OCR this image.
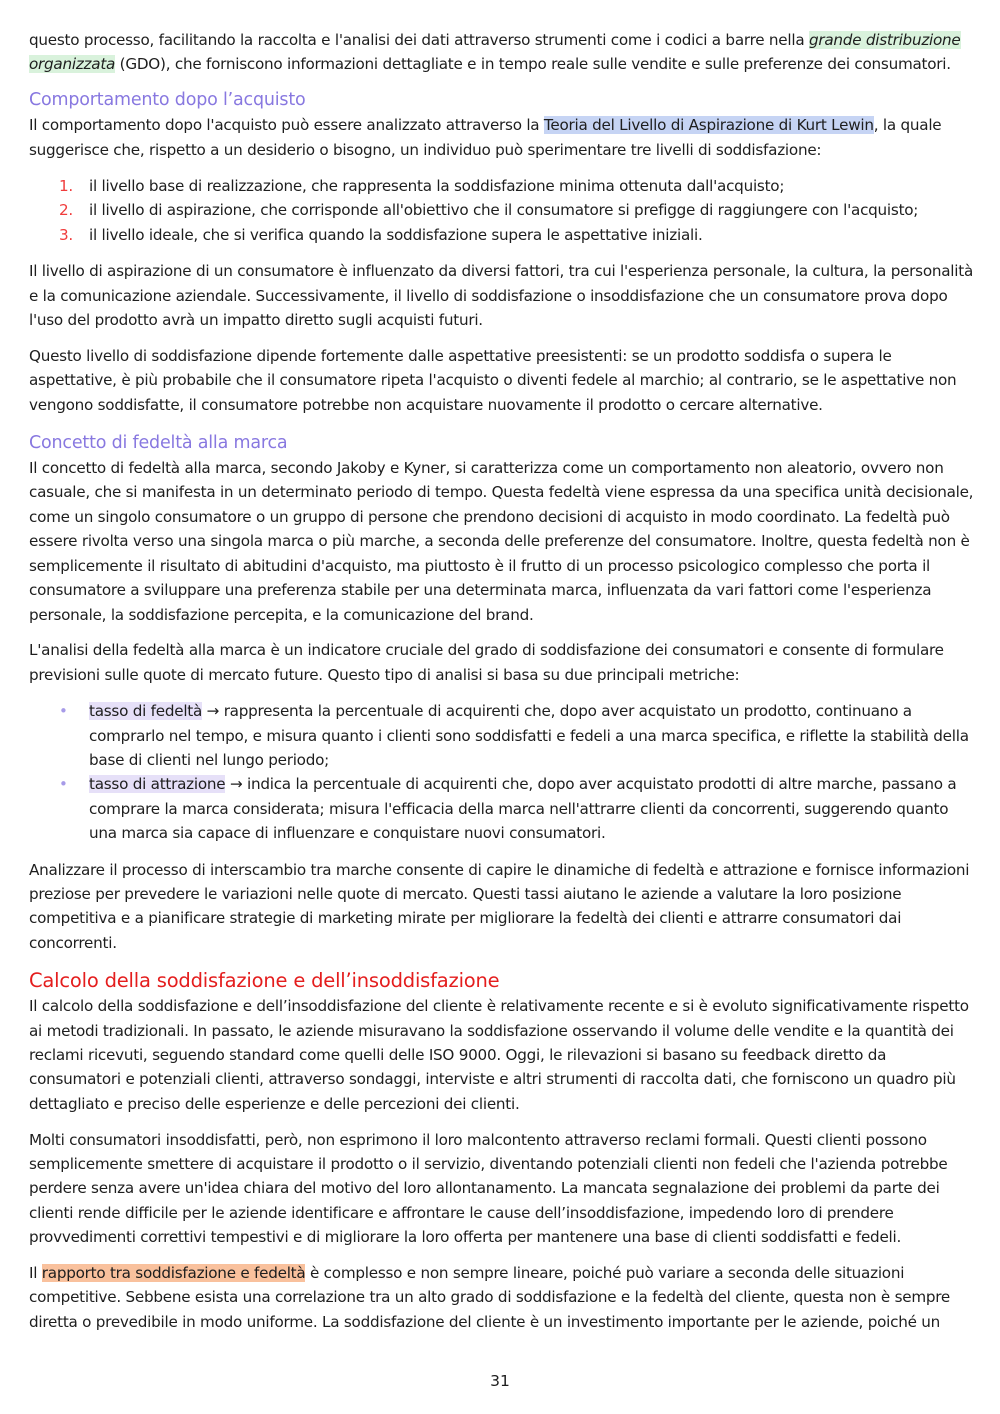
questo processo, facilitando la raccolta e l'analisi dei dati attraverso strumenti come i codici a barre nella grande distribuzione organizzata (GDO), che forniscono informazioni dettagliate e in tempo reale sulle vendite e sulle preferenze dei consumatori.

Comportamento dopo l’acquisto

Il comportamento dopo l'acquisto può essere analizzato attraverso la Teoria del Livello di Aspirazione di Kurt Lewin, la quale suggerisce che, rispetto a un desiderio o bisogno, un individuo può sperimentare tre livelli di soddisfazione:

1. il livello base di realizzazione, che rappresenta la soddisfazione minima ottenuta dall'acquisto;
2. il livello di aspirazione, che corrisponde all'obiettivo che il consumatore si prefigge di raggiungere con l'acquisto;
3. il livello ideale, che si verifica quando la soddisfazione supera le aspettative iniziali.

Il livello di aspirazione di un consumatore è influenzato da diversi fattori, tra cui l'esperienza personale, la cultura, la personalità e la comunicazione aziendale. Successivamente, il livello di soddisfazione o insoddisfazione che un consumatore prova dopo l'uso del prodotto avrà un impatto diretto sugli acquisti futuri.

Questo livello di soddisfazione dipende fortemente dalle aspettative preesistenti: se un prodotto soddisfa o supera le aspettative, è più probabile che il consumatore ripeta l'acquisto o diventi fedele al marchio; al contrario, se le aspettative non vengono soddisfatte, il consumatore potrebbe non acquistare nuovamente il prodotto o cercare alternative.

Concetto di fedeltà alla marca

Il concetto di fedeltà alla marca, secondo Jakoby e Kyner, si caratterizza come un comportamento non aleatorio, ovvero non casuale, che si manifesta in un determinato periodo di tempo. Questa fedeltà viene espressa da una specifica unità decisionale, come un singolo consumatore o un gruppo di persone che prendono decisioni di acquisto in modo coordinato. La fedeltà può essere rivolta verso una singola marca o più marche, a seconda delle preferenze del consumatore. Inoltre, questa fedeltà non è semplicemente il risultato di abitudini d'acquisto, ma piuttosto è il frutto di un processo psicologico complesso che porta il consumatore a sviluppare una preferenza stabile per una determinata marca, influenzata da vari fattori come l'esperienza personale, la soddisfazione percepita, e la comunicazione del brand.

L'analisi della fedeltà alla marca è un indicatore cruciale del grado di soddisfazione dei consumatori e consente di formulare previsioni sulle quote di mercato future. Questo tipo di analisi si basa su due principali metriche:

• tasso di fedeltà → rappresenta la percentuale di acquirenti che, dopo aver acquistato un prodotto, continuano a comprarlo nel tempo, e misura quanto i clienti sono soddisfatti e fedeli a una marca specifica, e riflette la stabilità della base di clienti nel lungo periodo;
• tasso di attrazione → indica la percentuale di acquirenti che, dopo aver acquistato prodotti di altre marche, passano a comprare la marca considerata; misura l'efficacia della marca nell'attrarre clienti da concorrenti, suggerendo quanto una marca sia capace di influenzare e conquistare nuovi consumatori.

Analizzare il processo di interscambio tra marche consente di capire le dinamiche di fedeltà e attrazione e fornisce informazioni preziose per prevedere le variazioni nelle quote di mercato. Questi tassi aiutano le aziende a valutare la loro posizione competitiva e a pianificare strategie di marketing mirate per migliorare la fedeltà dei clienti e attrarre consumatori dai concorrenti.

Calcolo della soddisfazione e dell’insoddisfazione

Il calcolo della soddisfazione e dell’insoddisfazione del cliente è relativamente recente e si è evoluto significativamente rispetto ai metodi tradizionali. In passato, le aziende misuravano la soddisfazione osservando il volume delle vendite e la quantità dei reclami ricevuti, seguendo standard come quelli delle ISO 9000. Oggi, le rilevazioni si basano su feedback diretto da consumatori e potenziali clienti, attraverso sondaggi, interviste e altri strumenti di raccolta dati, che forniscono un quadro più dettagliato e preciso delle esperienze e delle percezioni dei clienti.

Molti consumatori insoddisfatti, però, non esprimono il loro malcontento attraverso reclami formali. Questi clienti possono semplicemente smettere di acquistare il prodotto o il servizio, diventando potenziali clienti non fedeli che l'azienda potrebbe perdere senza avere un'idea chiara del motivo del loro allontanamento. La mancata segnalazione dei problemi da parte dei clienti rende difficile per le aziende identificare e affrontare le cause dell’insoddisfazione, impedendo loro di prendere provvedimenti correttivi tempestivi e di migliorare la loro offerta per mantenere una base di clienti soddisfatti e fedeli.

Il rapporto tra soddisfazione e fedeltà è complesso e non sempre lineare, poiché può variare a seconda delle situazioni competitive. Sebbene esista una correlazione tra un alto grado di soddisfazione e la fedeltà del cliente, questa non è sempre diretta o prevedibile in modo uniforme. La soddisfazione del cliente è un investimento importante per le aziende, poiché un

31
